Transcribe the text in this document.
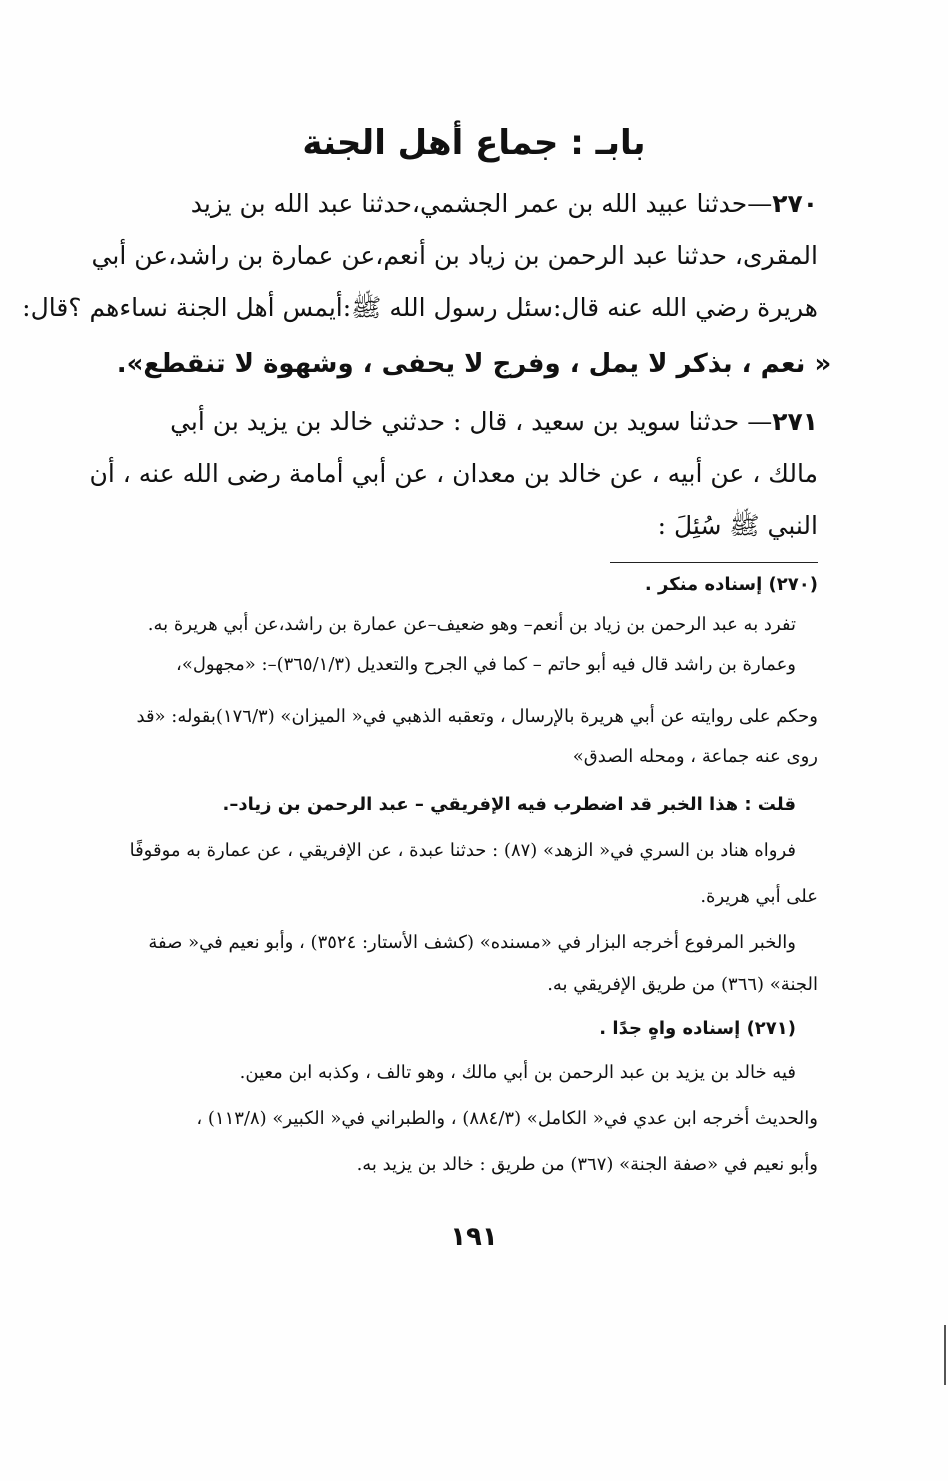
بابـ : جماع أهل الجنة
٢٧٠—حدثنا عبيد الله بن عمر الجشمي،حدثنا عبد الله بن يزيد
المقرى، حدثنا عبد الرحمن بن زياد بن أنعم،عن عمارة بن راشد،عن أبي
هريرة رضي الله عنه قال:سئل رسول الله ﷺ:أيمس أهل الجنة نساءهم ؟قال:
« نعم ، بذكر لا يمل ، وفرج لا يحفى ، وشهوة لا تنقطع».
٢٧١— حدثنا سويد بن سعيد ، قال : حدثني خالد بن يزيد بن أبي
مالك ، عن أبيه ، عن خالد بن معدان ، عن أبي أمامة رضى الله عنه ، أن
النبي ﷺ سُئِلَ :
(٢٧٠) إسناده منكر .
تفرد به عبد الرحمن بن زياد بن أنعم– وهو ضعيف–عن عمارة بن راشد،عن أبي هريرة به.
وعمارة بن راشد قال فيه أبو حاتم – كما في الجرح والتعديل (٣٦٥/١/٣)–: «مجهول»،
وحكم على روايته عن أبي هريرة بالإرسال ، وتعقبه الذهبي في« الميزان» (١٧٦/٣)بقوله: «قد
روى عنه جماعة ، ومحله الصدق»
قلت : هذا الخبر قد اضطرب فيه الإفريقي – عبد الرحمن بن زياد–.
فرواه هناد بن السري في« الزهد» (٨٧) : حدثنا عبدة ، عن الإفريقي ، عن عمارة به موقوفًا
على أبي هريرة.
والخبر المرفوع أخرجه البزار في «مسنده» (كشف الأستار: ٣٥٢٤) ، وأبو نعيم في« صفة
الجنة» (٣٦٦) من طريق الإفريقي به.
(٢٧١) إسناده واهٍ جدًا .
فيه خالد بن يزيد بن عبد الرحمن بن أبي مالك ، وهو تالف ، وكذبه ابن معين.
والحديث أخرجه ابن عدي في« الكامل» (٨٨٤/٣) ، والطبراني في« الكبير» (١١٣/٨) ،
وأبو نعيم في «صفة الجنة» (٣٦٧) من طريق : خالد بن يزيد به.
١٩١
